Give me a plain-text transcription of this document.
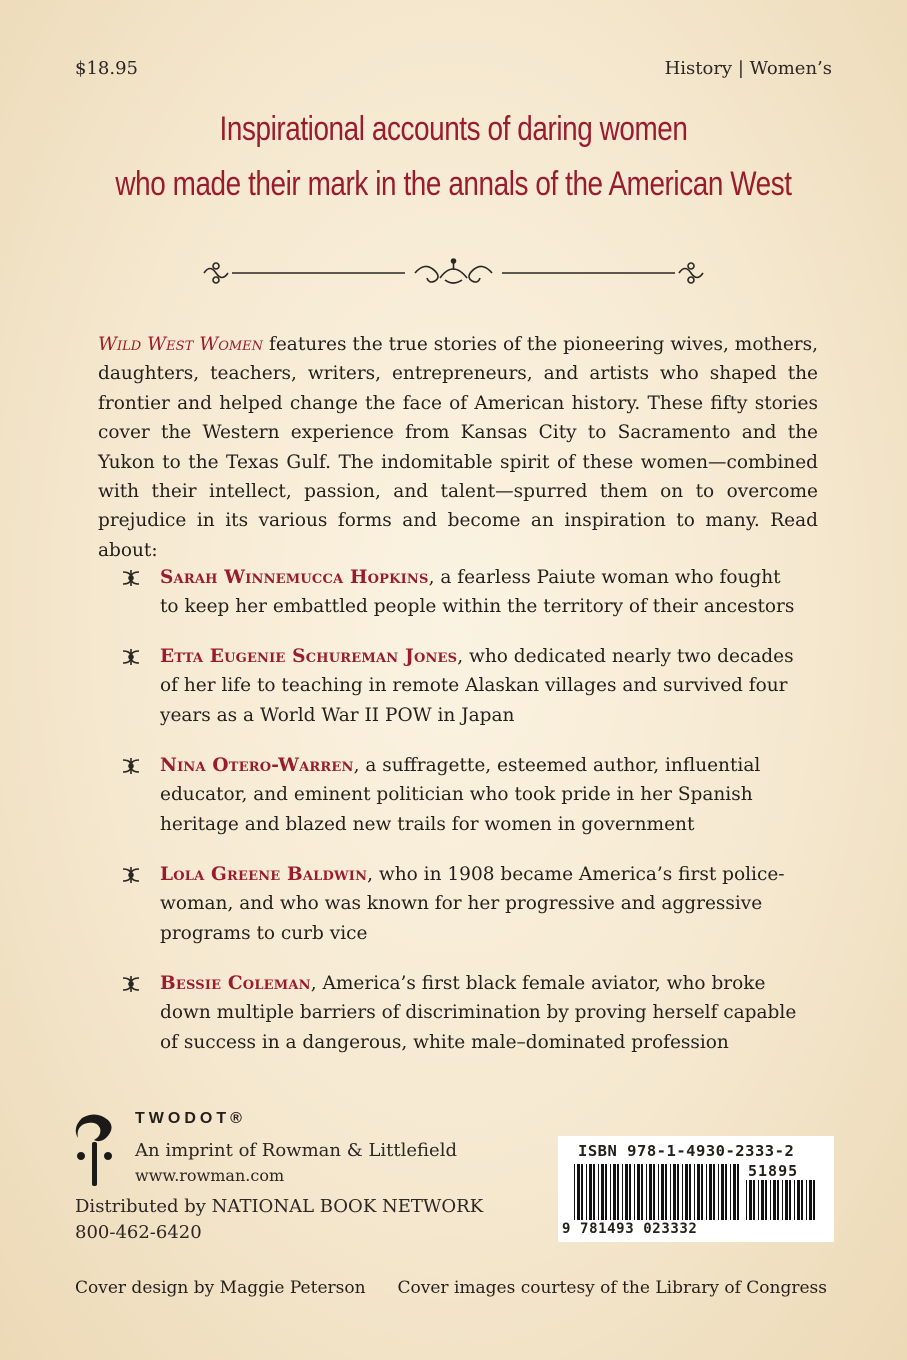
$18.95	History | Women’s
Inspirational accounts of daring women
who made their mark in the annals of the American West
Wild West Women features the true stories of the pioneering wives, mothers, daughters, teachers, writers, entrepreneurs, and artists who shaped the frontier and helped change the face of American history. These fifty stories cover the Western experience from Kansas City to Sacramento and the Yukon to the Texas Gulf. The indomitable spirit of these women—combined with their intellect, passion, and talent—spurred them on to overcome prejudice in its various forms and become an inspiration to many. Read about:
Sarah Winnemucca Hopkins, a fearless Paiute woman who fought to keep her embattled people within the territory of their ancestors
Etta Eugenie Schureman Jones, who dedicated nearly two decades of her life to teaching in remote Alaskan villages and survived four years as a World War II POW in Japan
Nina Otero-Warren, a suffragette, esteemed author, influential educator, and eminent politician who took pride in her Spanish heritage and blazed new trails for women in government
Lola Greene Baldwin, who in 1908 became America’s first policewoman, and who was known for her progressive and aggressive programs to curb vice
Bessie Coleman, America’s first black female aviator, who broke down multiple barriers of discrimination by proving herself capable of success in a dangerous, white male–dominated profession
TWODOT®
An imprint of Rowman & Littlefield
www.rowman.com
Distributed by NATIONAL BOOK NETWORK
800-462-6420
ISBN 978-1-4930-2333-2
51895
9 781493 023332
Cover design by Maggie Peterson Cover images courtesy of the Library of Congress
